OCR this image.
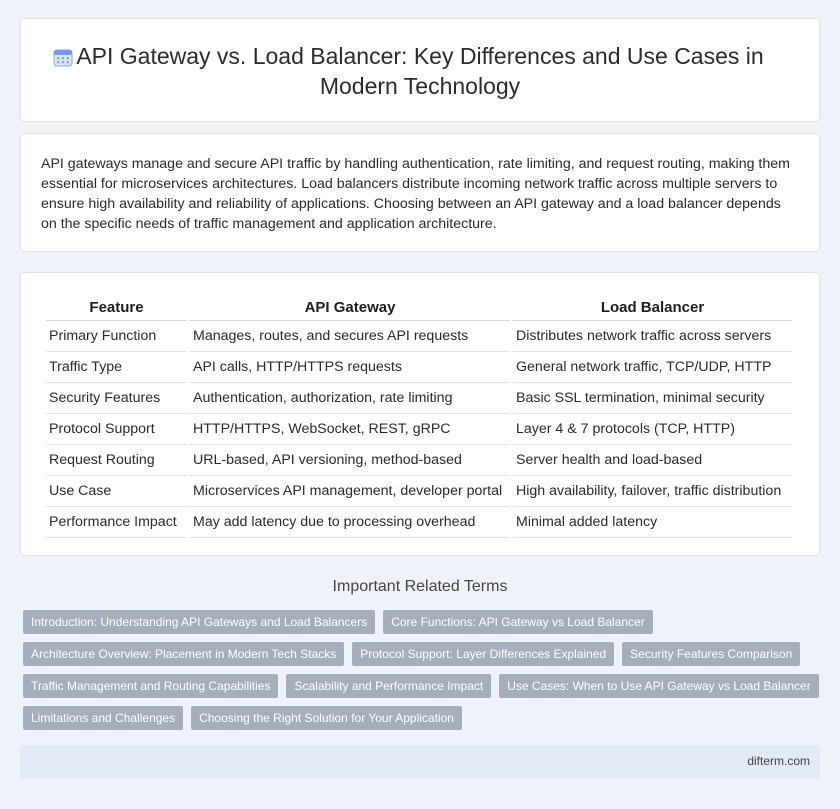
API Gateway vs. Load Balancer: Key Differences and Use Cases in Modern Technology

API gateways manage and secure API traffic by handling authentication, rate limiting, and request routing, making them essential for microservices architectures. Load balancers distribute incoming network traffic across multiple servers to ensure high availability and reliability of applications. Choosing between an API gateway and a load balancer depends on the specific needs of traffic management and application architecture.

Feature	API Gateway	Load Balancer
Primary Function	Manages, routes, and secures API requests	Distributes network traffic across servers
Traffic Type	API calls, HTTP/HTTPS requests	General network traffic, TCP/UDP, HTTP
Security Features	Authentication, authorization, rate limiting	Basic SSL termination, minimal security
Protocol Support	HTTP/HTTPS, WebSocket, REST, gRPC	Layer 4 & 7 protocols (TCP, HTTP)
Request Routing	URL-based, API versioning, method-based	Server health and load-based
Use Case	Microservices API management, developer portal	High availability, failover, traffic distribution
Performance Impact	May add latency due to processing overhead	Minimal added latency
Important Related Terms
Introduction: Understanding API Gateways and Load Balancers	Core Functions: API Gateway vs Load Balancer
Architecture Overview: Placement in Modern Tech Stacks	Protocol Support: Layer Differences Explained	Security Features Comparison
Traffic Management and Routing Capabilities	Scalability and Performance Impact	Use Cases: When to Use API Gateway vs Load Balancer
Limitations and Challenges	Choosing the Right Solution for Your Application
difterm.com
